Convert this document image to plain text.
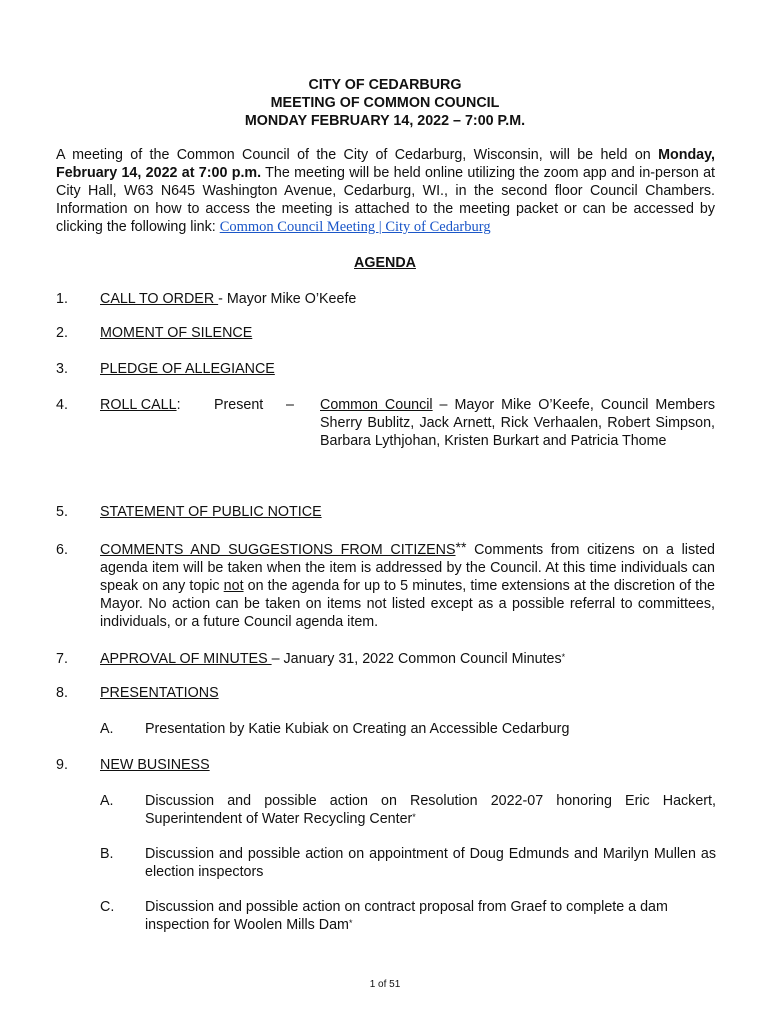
CITY OF CEDARBURG
MEETING OF COMMON COUNCIL
MONDAY FEBRUARY 14, 2022 – 7:00 P.M.
A meeting of the Common Council of the City of Cedarburg, Wisconsin, will be held on Monday, February 14, 2022 at 7:00 p.m. The meeting will be held online utilizing the zoom app and in-person at City Hall, W63 N645 Washington Avenue, Cedarburg, WI., in the second floor Council Chambers. Information on how to access the meeting is attached to the meeting packet or can be accessed by clicking the following link: Common Council Meeting | City of Cedarburg
AGENDA
1. CALL TO ORDER - Mayor Mike O’Keefe
2. MOMENT OF SILENCE
3. PLEDGE OF ALLEGIANCE
4. ROLL CALL: Present – Common Council – Mayor Mike O’Keefe, Council Members Sherry Bublitz, Jack Arnett, Rick Verhaalen, Robert Simpson, Barbara Lythjohan, Kristen Burkart and Patricia Thome
5. STATEMENT OF PUBLIC NOTICE
6. COMMENTS AND SUGGESTIONS FROM CITIZENS** Comments from citizens on a listed agenda item will be taken when the item is addressed by the Council. At this time individuals can speak on any topic not on the agenda for up to 5 minutes, time extensions at the discretion of the Mayor. No action can be taken on items not listed except as a possible referral to committees, individuals, or a future Council agenda item.
7. APPROVAL OF MINUTES – January 31, 2022 Common Council Minutes*
8. PRESENTATIONS
A. Presentation by Katie Kubiak on Creating an Accessible Cedarburg
9. NEW BUSINESS
A. Discussion and possible action on Resolution 2022-07 honoring Eric Hackert, Superintendent of Water Recycling Center*
B. Discussion and possible action on appointment of Doug Edmunds and Marilyn Mullen as election inspectors
C. Discussion and possible action on contract proposal from Graef to complete a dam inspection for Woolen Mills Dam*
1 of 51
